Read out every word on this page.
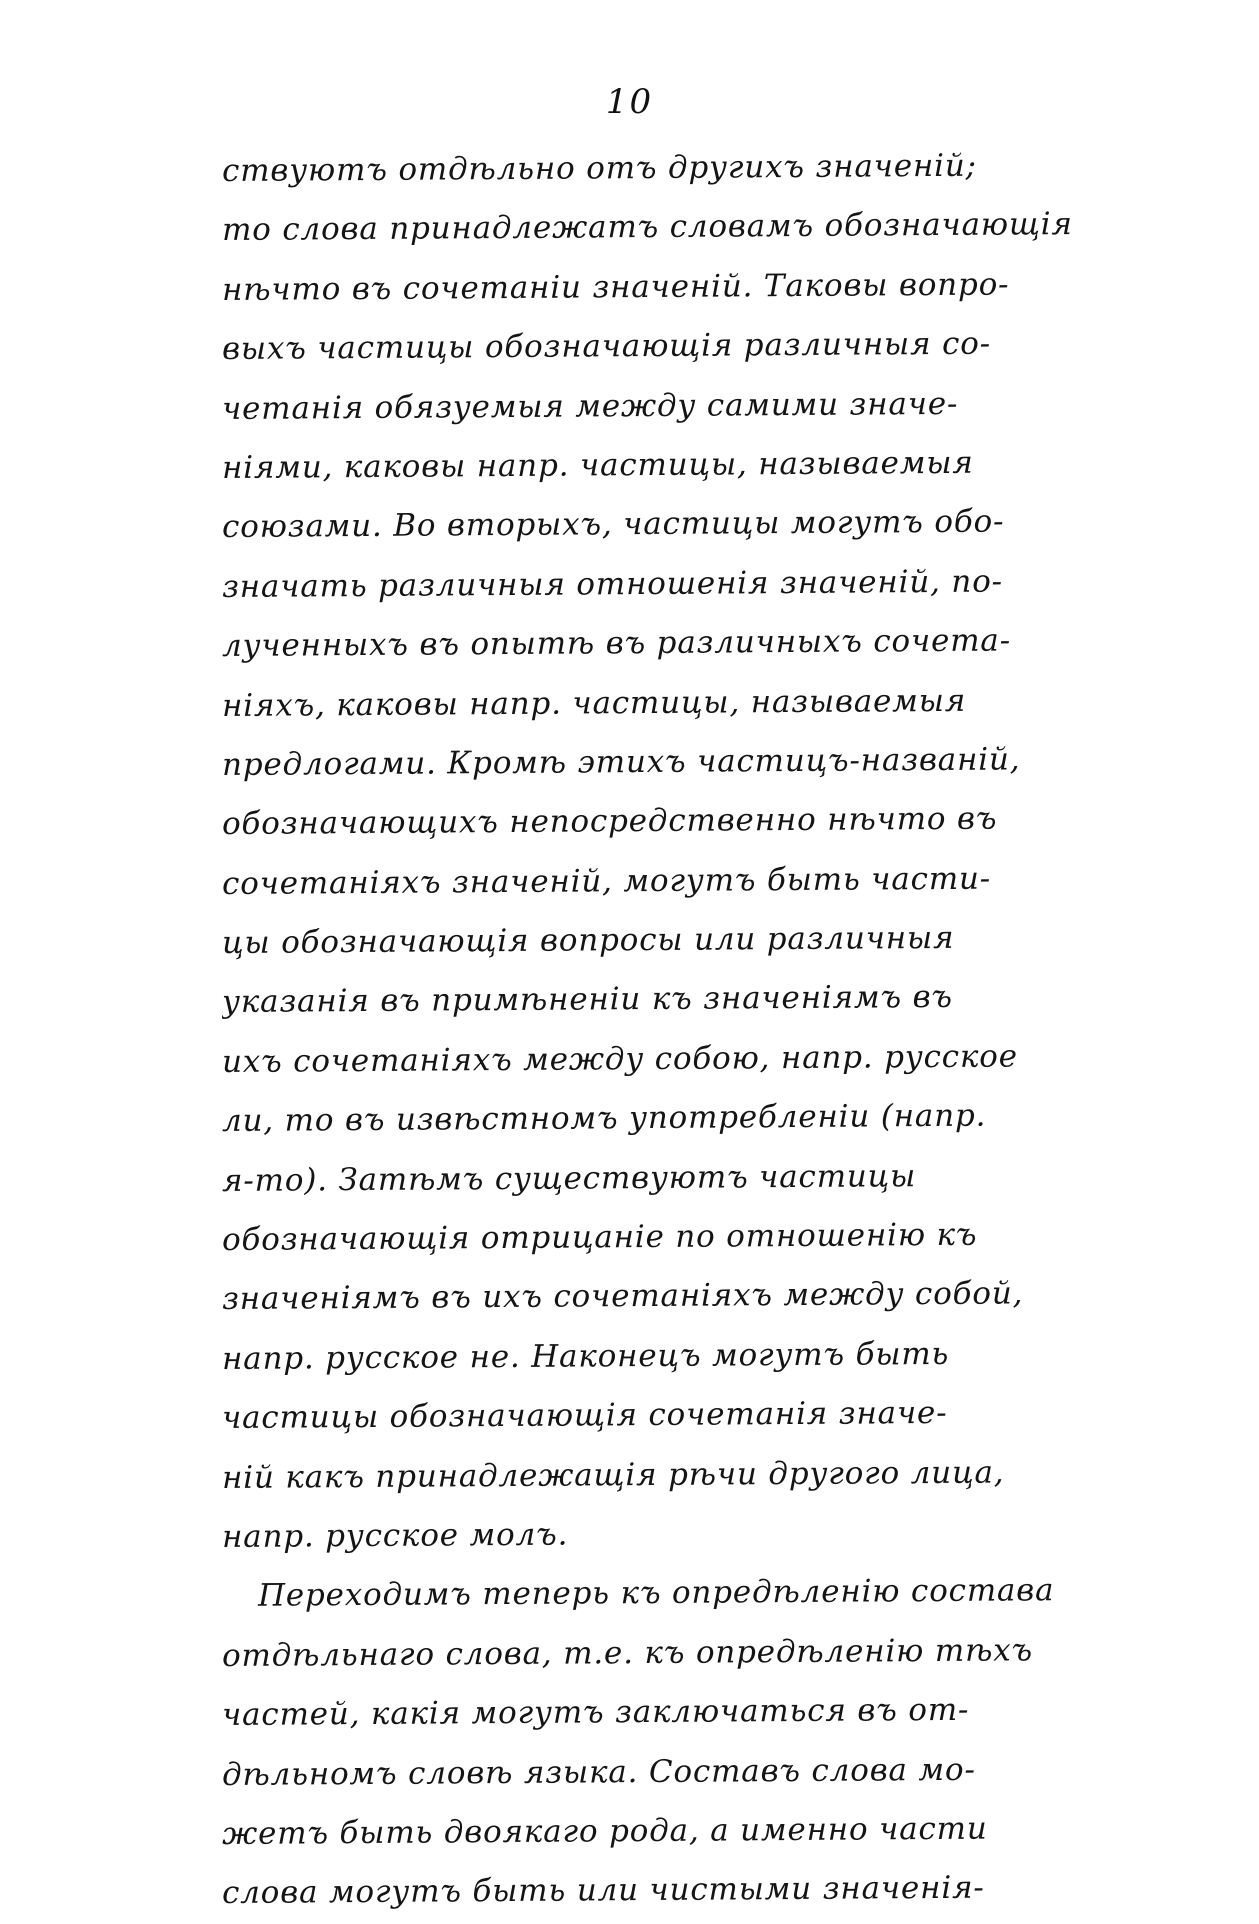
10
ствуютъ отдѣльно отъ другихъ значеній;
то слова принадлежатъ словамъ обозначающія
нѣчто въ сочетаніи значеній. Таковы вопро-
выхъ частицы обозначающія различныя со-
четанія обязуемыя между самими значе-
ніями, каковы напр. частицы, называемыя
союзами. Во вторыхъ, частицы могутъ обо-
значать различныя отношенія значеній, по-
лученныхъ въ опытѣ въ различныхъ сочета-
ніяхъ, каковы напр. частицы, называемыя
предлогами. Кромѣ этихъ частицъ-названій,
обозначающихъ непосредственно нѣчто въ
сочетаніяхъ значеній, могутъ быть части-
цы обозначающія вопросы или различныя
указанія въ примѣненіи къ значеніямъ въ
ихъ сочетаніяхъ между собою, напр. русское
ли, то въ извѣстномъ употребленіи (напр.
я-то). Затѣмъ существуютъ частицы
обозначающія отрицаніе по отношенію къ
значеніямъ въ ихъ сочетаніяхъ между собой,
напр. русское не. Наконецъ могутъ быть
частицы обозначающія сочетанія значе-
ній какъ принадлежащія рѣчи другого лица,
напр. русское молъ.
Переходимъ теперь къ опредѣленію состава
отдѣльнаго слова, т.е. къ опредѣленію тѣхъ
частей, какія могутъ заключаться въ от-
дѣльномъ словѣ языка. Составъ слова мо-
жетъ быть двоякаго рода, а именно части
слова могутъ быть или чистыми значенія-
